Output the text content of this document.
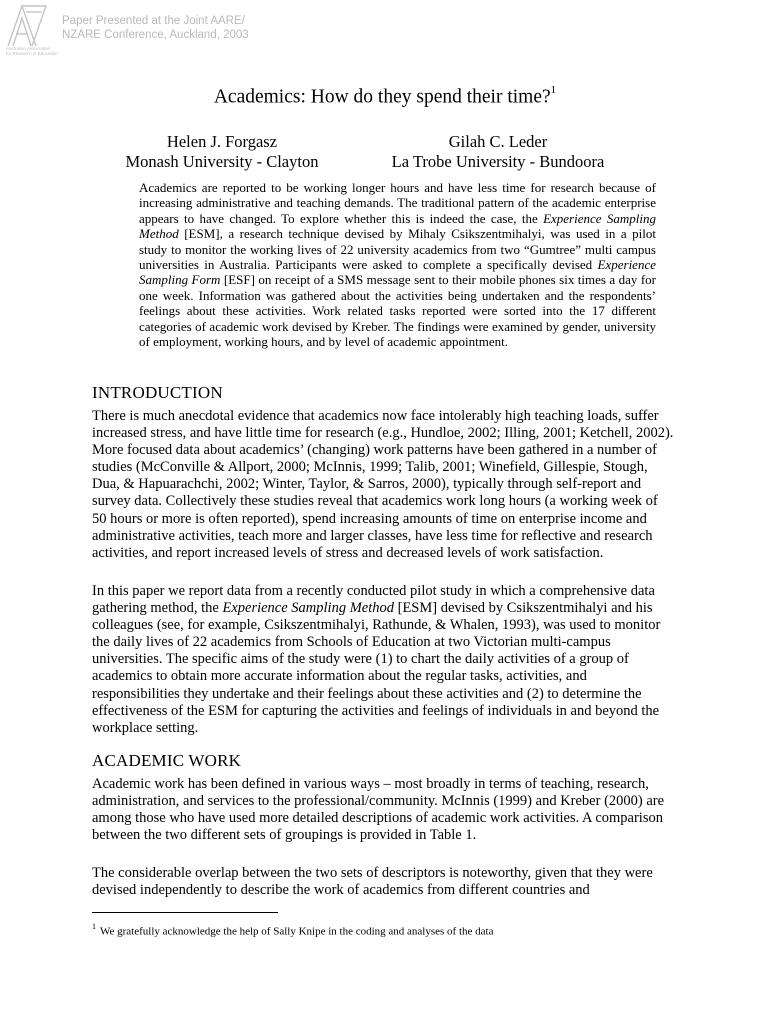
Australian Association
for Research in Education
Paper Presented at the Joint AARE/
NZARE Conference, Auckland, 2003
Academics: How do they spend their time?$^1$
Helen J. Forgasz
Monash University - Clayton
Gilah C. Leder
La Trobe University - Bundoora
Academics are reported to be working longer hours and have less time for research because of increasing administrative and teaching demands. The traditional pattern of the academic enterprise appears to have changed. To explore whether this is indeed the case, the Experience Sampling Method [ESM], a research technique devised by Mihaly Csikszentmihalyi, was used in a pilot study to monitor the working lives of 22 university academics from two “Gumtree” multi campus universities in Australia. Participants were asked to complete a specifically devised Experience Sampling Form [ESF] on receipt of a SMS message sent to their mobile phones six times a day for one week. Information was gathered about the activities being undertaken and the respondents’ feelings about these activities. Work related tasks reported were sorted into the 17 different categories of academic work devised by Kreber. The findings were examined by gender, university of employment, working hours, and by level of academic appointment.
INTRODUCTION
There is much anecdotal evidence that academics now face intolerably high teaching loads, suffer increased stress, and have little time for research (e.g., Hundloe, 2002; Illing, 2001; Ketchell, 2002). More focused data about academics’ (changing) work patterns have been gathered in a number of studies (McConville & Allport, 2000; McInnis, 1999; Talib, 2001; Winefield, Gillespie, Stough, Dua, & Hapuarachchi, 2002; Winter, Taylor, & Sarros, 2000), typically through self-report and survey data. Collectively these studies reveal that academics work long hours (a working week of 50 hours or more is often reported), spend increasing amounts of time on enterprise income and administrative activities, teach more and larger classes, have less time for reflective and research activities, and report increased levels of stress and decreased levels of work satisfaction.
In this paper we report data from a recently conducted pilot study in which a comprehensive data gathering method, the Experience Sampling Method [ESM] devised by Csikszentmihalyi and his colleagues (see, for example, Csikszentmihalyi, Rathunde, & Whalen, 1993), was used to monitor the daily lives of 22 academics from Schools of Education at two Victorian multi-campus universities. The specific aims of the study were (1) to chart the daily activities of a group of academics to obtain more accurate information about the regular tasks, activities, and responsibilities they undertake and their feelings about these activities and (2) to determine the effectiveness of the ESM for capturing the activities and feelings of individuals in and beyond the workplace setting.
ACADEMIC WORK
Academic work has been defined in various ways – most broadly in terms of teaching, research, administration, and services to the professional/community. McInnis (1999) and Kreber (2000) are among those who have used more detailed descriptions of academic work activities. A comparison between the two different sets of groupings is provided in Table 1.
The considerable overlap between the two sets of descriptors is noteworthy, given that they were devised independently to describe the work of academics from different countries and
$^1$ We gratefully acknowledge the help of Sally Knipe in the coding and analyses of the data
